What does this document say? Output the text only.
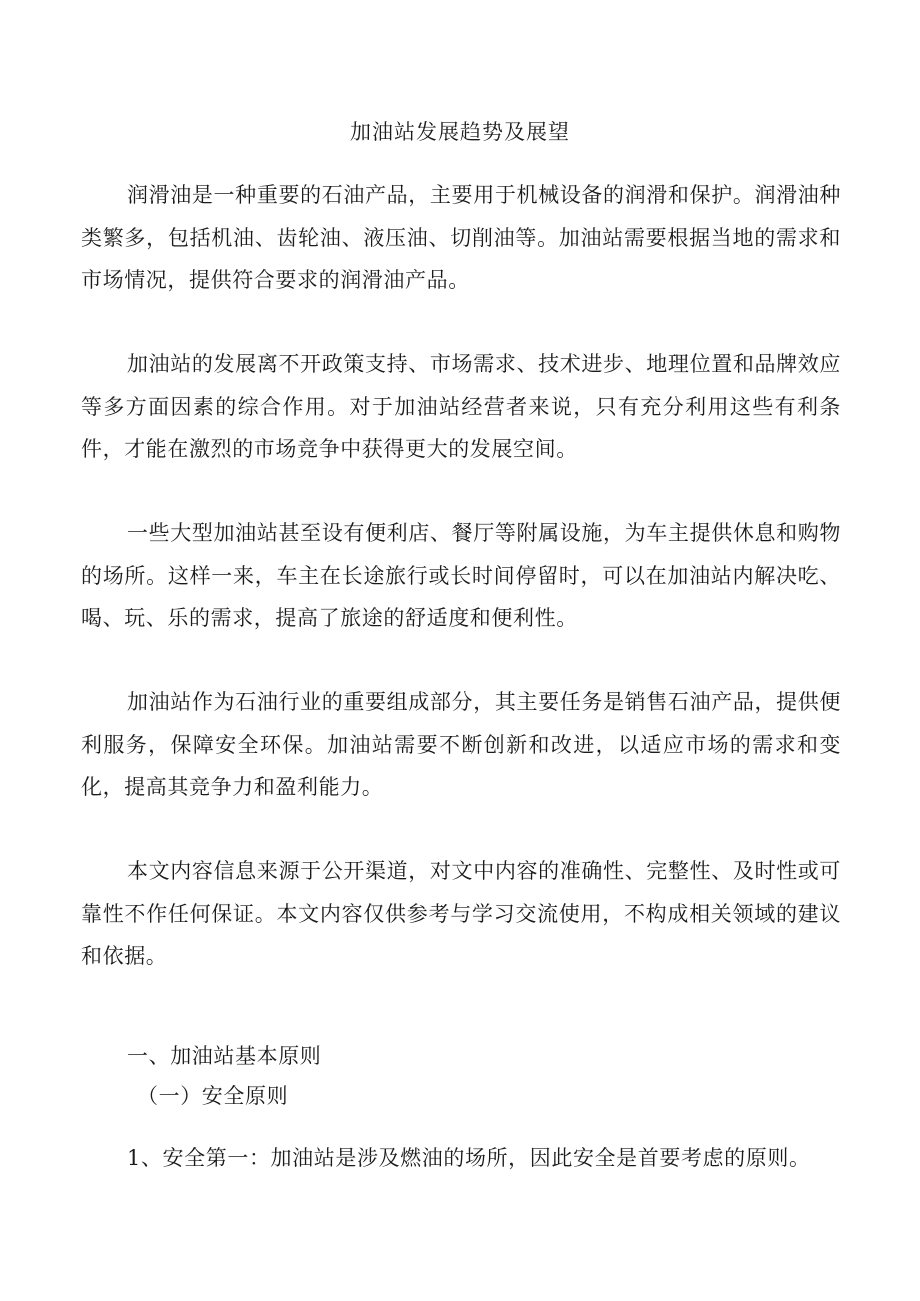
加油站发展趋势及展望

润滑油是一种重要的石油产品，主要用于机械设备的润滑和保护。润滑油种类繁多，包括机油、齿轮油、液压油、切削油等。加油站需要根据当地的需求和市场情况，提供符合要求的润滑油产品。

加油站的发展离不开政策支持、市场需求、技术进步、地理位置和品牌效应等多方面因素的综合作用。对于加油站经营者来说，只有充分利用这些有利条件，才能在激烈的市场竞争中获得更大的发展空间。

一些大型加油站甚至设有便利店、餐厅等附属设施，为车主提供休息和购物的场所。这样一来，车主在长途旅行或长时间停留时，可以在加油站内解决吃、喝、玩、乐的需求，提高了旅途的舒适度和便利性。

加油站作为石油行业的重要组成部分，其主要任务是销售石油产品，提供便利服务，保障安全环保。加油站需要不断创新和改进，以适应市场的需求和变化，提高其竞争力和盈利能力。

本文内容信息来源于公开渠道，对文中内容的准确性、完整性、及时性或可靠性不作任何保证。本文内容仅供参考与学习交流使用，不构成相关领域的建议和依据。

一、加油站基本原则
（一）安全原则
1、安全第一：加油站是涉及燃油的场所，因此安全是首要考虑的原则。
